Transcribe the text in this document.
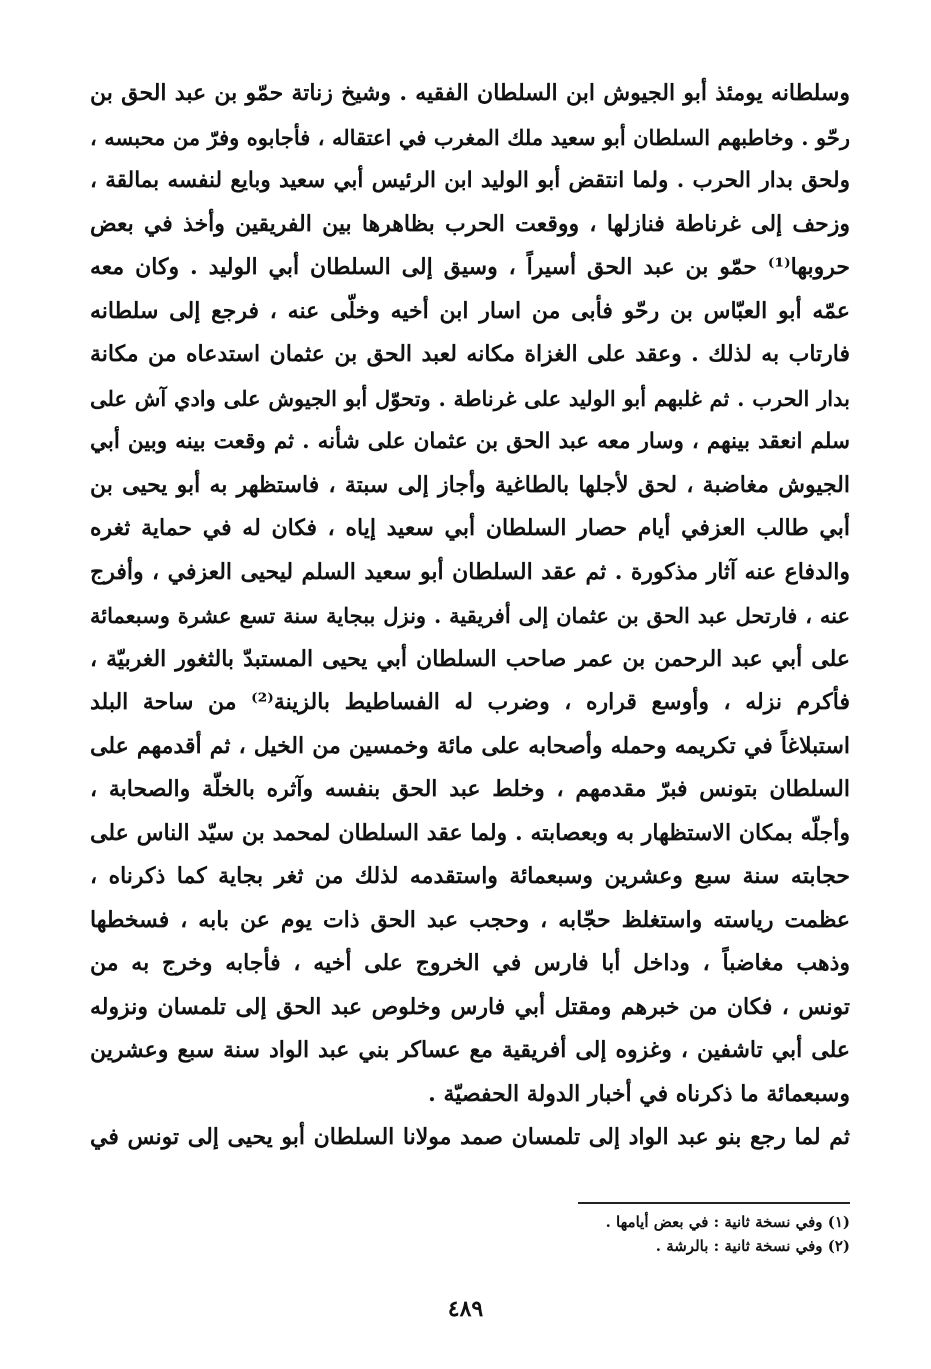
وسلطانه يومئذ أبو الجيوش ابن السلطان الفقيه . وشيخ زناتة حمّو بن عبد الحق بن
رحّو . وخاطبهم السلطان أبو سعيد ملك المغرب في اعتقاله ، فأجابوه وفرّ من محبسه ،
ولحق بدار الحرب . ولما انتقض أبو الوليد ابن الرئيس أبي سعيد وبايع لنفسه بمالقة ،
وزحف إلى غرناطة فنازلها ، ووقعت الحرب بظاهرها بين الفريقين وأخذ في بعض
حروبها⁽¹⁾ حمّو بن عبد الحق أسيراً ، وسيق إلى السلطان أبي الوليد . وكان معه
عمّه أبو العبّاس بن رحّو فأبى من اسار ابن أخيه وخلّى عنه ، فرجع إلى سلطانه
فارتاب به لذلك . وعقد على الغزاة مكانه لعبد الحق بن عثمان استدعاه من مكانة
بدار الحرب . ثم غلبهم أبو الوليد على غرناطة . وتحوّل أبو الجيوش على وادي آش على
سلم انعقد بينهم ، وسار معه عبد الحق بن عثمان على شأنه . ثم وقعت بينه وبين أبي
الجيوش مغاضبة ، لحق لأجلها بالطاغية وأجاز إلى سبتة ، فاستظهر به أبو يحيى بن
أبي طالب العزفي أيام حصار السلطان أبي سعيد إياه ، فكان له في حماية ثغره
والدفاع عنه آثار مذكورة . ثم عقد السلطان أبو سعيد السلم ليحيى العزفي ، وأفرج
عنه ، فارتحل عبد الحق بن عثمان إلى أفريقية . ونزل ببجاية سنة تسع عشرة وسبعمائة
على أبي عبد الرحمن بن عمر صاحب السلطان أبي يحيى المستبدّ بالثغور الغربيّة ،
فأكرم نزله ، وأوسع قراره ، وضرب له الفساطيط بالزينة⁽²⁾ من ساحة البلد
استبلاغاً في تكريمه وحمله وأصحابه على مائة وخمسين من الخيل ، ثم أقدمهم على
السلطان بتونس فبرّ مقدمهم ، وخلط عبد الحق بنفسه وآثره بالخلّة والصحابة ،
وأجلّه بمكان الاستظهار به وبعصابته . ولما عقد السلطان لمحمد بن سيّد الناس على
حجابته سنة سبع وعشرين وسبعمائة واستقدمه لذلك من ثغر بجاية كما ذكرناه ،
عظمت رياسته واستغلظ حجّابه ، وحجب عبد الحق ذات يوم عن بابه ، فسخطها
وذهب مغاضباً ، وداخل أبا فارس في الخروج على أخيه ، فأجابه وخرج به من
تونس ، فكان من خبرهم ومقتل أبي فارس وخلوص عبد الحق إلى تلمسان ونزوله
على أبي تاشفين ، وغزوه إلى أفريقية مع عساكر بني عبد الواد سنة سبع وعشرين
وسبعمائة ما ذكرناه في أخبار الدولة الحفصيّة .
ثم لما رجع بنو عبد الواد إلى تلمسان صمد مولانا السلطان أبو يحيى إلى تونس في
(١) وفي نسخة ثانية : في بعض أيامها .
(٢) وفي نسخة ثانية : بالرشة .
٤٨٩
